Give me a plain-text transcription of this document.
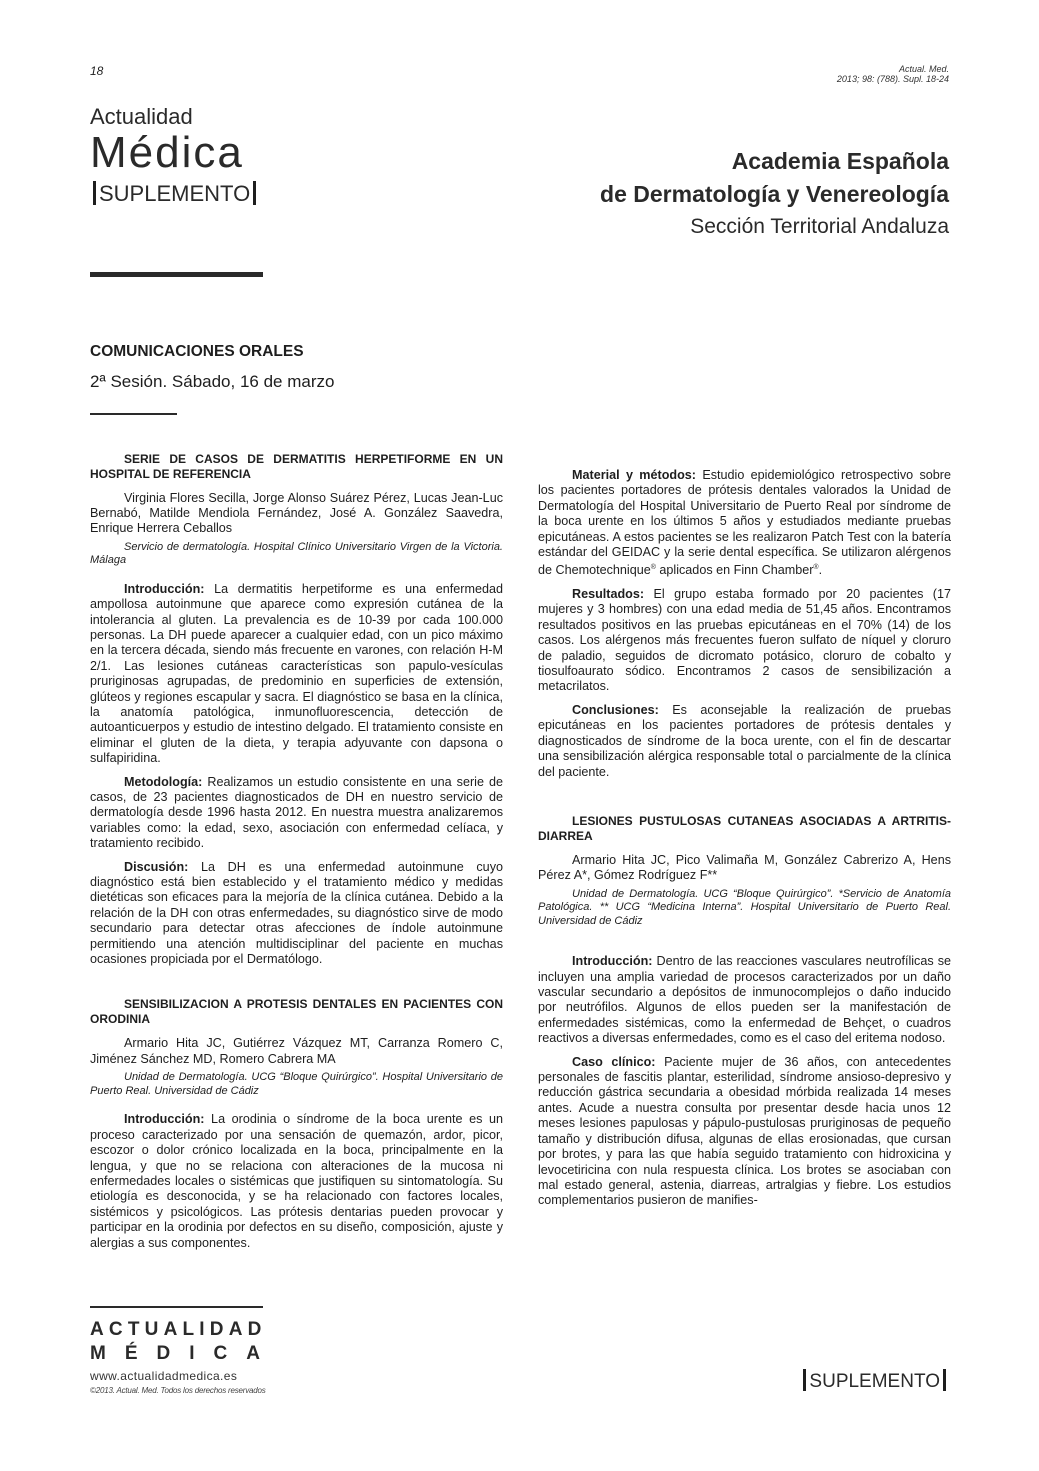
18	Actual. Med.
2013; 98: (788). Supl. 18-24
Actualidad
Médica
SUPLEMENTO
Academia Española
de Dermatología y Venereología
Sección Territorial Andaluza
COMUNICACIONES ORALES
2ª Sesión. Sábado, 16 de marzo
SERIE DE CASOS DE DERMATITIS HERPETIFORME EN UN HOSPITAL DE REFERENCIA
Virginia Flores Secilla, Jorge Alonso Suárez Pérez, Lucas Jean-Luc Bernabó, Matilde Mendiola Fernández, José A. González Saavedra, Enrique Herrera Ceballos
Servicio de dermatología. Hospital Clínico Universitario Virgen de la Victoria. Málaga

Introducción: La dermatitis herpetiforme es una enfermedad ampollosa autoinmune que aparece como expresión cutánea de la intolerancia al gluten. La prevalencia es de 10-39 por cada 100.000 personas. La DH puede aparecer a cualquier edad, con un pico máximo en la tercera década, siendo más frecuente en varones, con relación H-M 2/1. Las lesiones cutáneas características son papulo-vesículas pruriginosas agrupadas, de predominio en superficies de extensión, glúteos y regiones escapular y sacra. El diagnóstico se basa en la clínica, la anatomía patológica, inmunofluorescencia, detección de autoanticuerpos y estudio de intestino delgado. El tratamiento consiste en eliminar el gluten de la dieta, y terapia adyuvante con dapsona o sulfapiridina.

Metodología: Realizamos un estudio consistente en una serie de casos, de 23 pacientes diagnosticados de DH en nuestro servicio de dermatología desde 1996 hasta 2012. En nuestra muestra analizaremos variables como: la edad, sexo, asociación con enfermedad celíaca, y tratamiento recibido.

Discusión: La DH es una enfermedad autoinmune cuyo diagnóstico está bien establecido y el tratamiento médico y medidas dietéticas son eficaces para la mejoría de la clínica cutánea. Debido a la relación de la DH con otras enfermedades, su diagnóstico sirve de modo secundario para detectar otras afecciones de índole autoinmune permitiendo una atención multidisciplinar del paciente en muchas ocasiones propiciada por el Dermatólogo.

SENSIBILIZACION A PROTESIS DENTALES EN PACIENTES CON ORODINIA
Armario Hita JC, Gutiérrez Vázquez MT, Carranza Romero C, Jiménez Sánchez MD, Romero Cabrera MA
Unidad de Dermatología. UCG “Bloque Quirúrgico”. Hospital Universitario de Puerto Real. Universidad de Cádiz

Introducción: La orodinia o síndrome de la boca urente es un proceso caracterizado por una sensación de quemazón, ardor, picor, escozor o dolor crónico localizada en la boca, principalmente en la lengua, y que no se relaciona con alteraciones de la mucosa ni enfermedades locales o sistémicas que justifiquen su sintomatología. Su etiología es desconocida, y se ha relacionado con factores locales, sistémicos y psicológicos. Las prótesis dentarias pueden provocar y participar en la orodinia por defectos en su diseño, composición, ajuste y alergias a sus componentes.

Material y métodos: Estudio epidemiológico retrospectivo sobre los pacientes portadores de prótesis dentales valorados la Unidad de Dermatología del Hospital Universitario de Puerto Real por síndrome de la boca urente en los últimos 5 años y estudiados mediante pruebas epicutáneas. A estos pacientes se les realizaron Patch Test con la batería estándar del GEIDAC y la serie dental específica. Se utilizaron alérgenos de Chemotechnique® aplicados en Finn Chamber®.

Resultados: El grupo estaba formado por 20 pacientes (17 mujeres y 3 hombres) con una edad media de 51,45 años. Encontramos resultados positivos en las pruebas epicutáneas en el 70% (14) de los casos. Los alérgenos más frecuentes fueron sulfato de níquel y cloruro de paladio, seguidos de dicromato potásico, cloruro de cobalto y tiosulfoaurato sódico. Encontramos 2 casos de sensibilización a metacrilatos.

Conclusiones: Es aconsejable la realización de pruebas epicutáneas en los pacientes portadores de prótesis dentales y diagnosticados de síndrome de la boca urente, con el fin de descartar una sensibilización alérgica responsable total o parcialmente de la clínica del paciente.

LESIONES PUSTULOSAS CUTANEAS ASOCIADAS A ARTRITIS-DIARREA
Armario Hita JC, Pico Valimaña M, González Cabrerizo A, Hens Pérez A*, Gómez Rodríguez F**
Unidad de Dermatología. UCG “Bloque Quirúrgico”. *Servicio de Anatomía Patológica. ** UCG “Medicina Interna”. Hospital Universitario de Puerto Real. Universidad de Cádiz

Introducción: Dentro de las reacciones vasculares neutrofílicas se incluyen una amplia variedad de procesos caracterizados por un daño vascular secundario a depósitos de inmunocomplejos o daño inducido por neutrófilos. Algunos de ellos pueden ser la manifestación de enfermedades sistémicas, como la enfermedad de Behçet, o cuadros reactivos a diversas enfermedades, como es el caso del eritema nodoso.

Caso clínico: Paciente mujer de 36 años, con antecedentes personales de fascitis plantar, esterilidad, síndrome ansioso-depresivo y reducción gástrica secundaria a obesidad mórbida realizada 14 meses antes. Acude a nuestra consulta por presentar desde hacia unos 12 meses lesiones papulosas y pápulo-pustulosas pruriginosas de pequeño tamaño y distribución difusa, algunas de ellas erosionadas, que cursan por brotes, y para las que había seguido tratamiento con hidroxicina y levocetiricina con nula respuesta clínica. Los brotes se asociaban con mal estado general, astenia, diarreas, artralgias y fiebre. Los estudios complementarios pusieron de manifies-

ACTUALIDAD
MÉDICA
www.actualidadmedica.es
©2013. Actual. Med. Todos los derechos reservados	SUPLEMENTO
